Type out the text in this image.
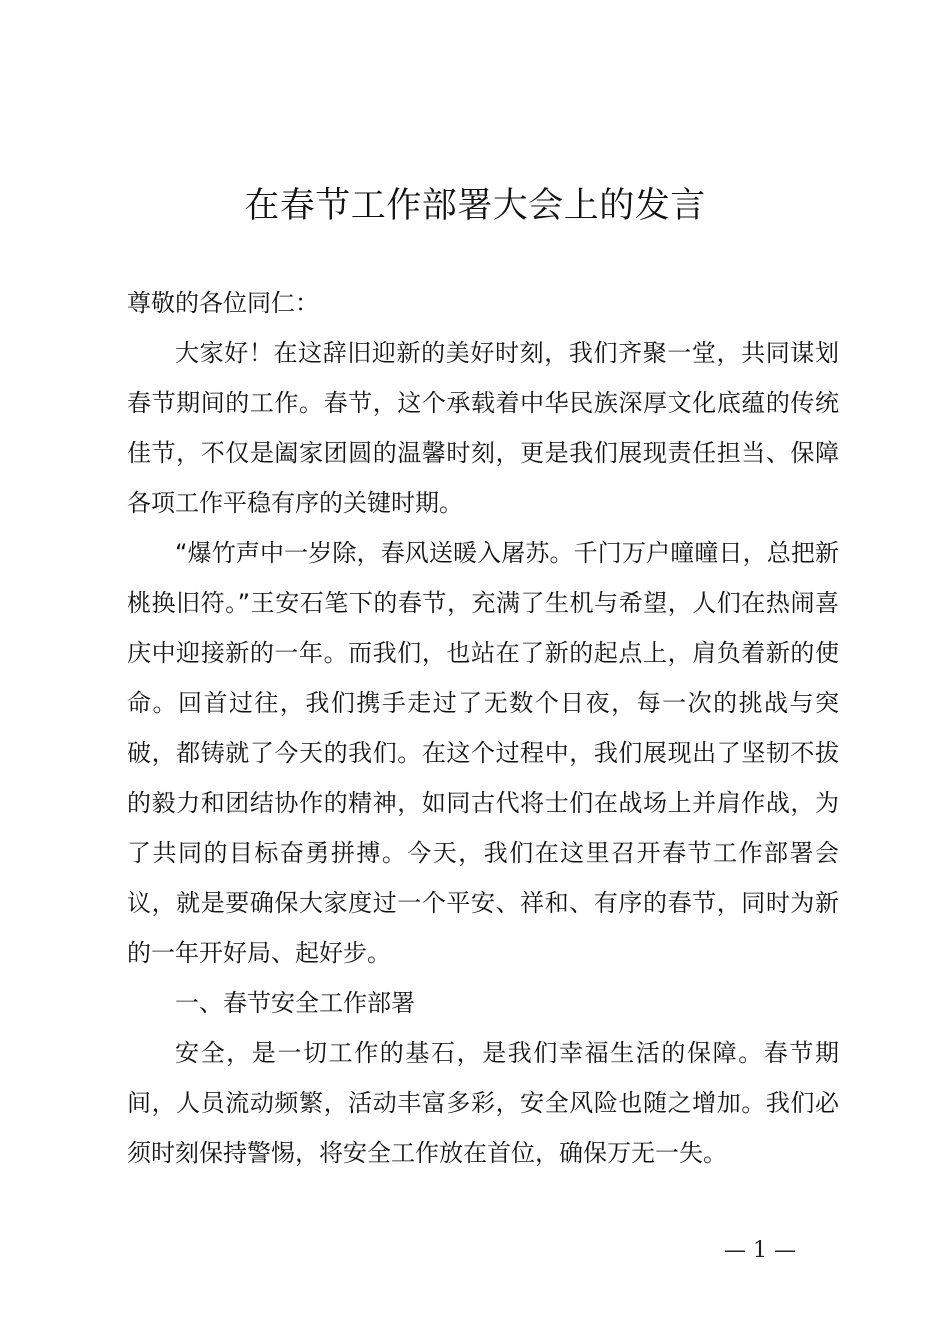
在春节工作部署大会上的发言

尊敬的各位同仁：

大家好！在这辞旧迎新的美好时刻，我们齐聚一堂，共同谋划春节期间的工作。春节，这个承载着中华民族深厚文化底蕴的传统佳节，不仅是阖家团圆的温馨时刻，更是我们展现责任担当、保障各项工作平稳有序的关键时期。

“爆竹声中一岁除，春风送暖入屠苏。千门万户曈曈日，总把新桃换旧符。”王安石笔下的春节，充满了生机与希望，人们在热闹喜庆中迎接新的一年。而我们，也站在了新的起点上，肩负着新的使命。回首过往，我们携手走过了无数个日夜，每一次的挑战与突破，都铸就了今天的我们。在这个过程中，我们展现出了坚韧不拔的毅力和团结协作的精神，如同古代将士们在战场上并肩作战，为了共同的目标奋勇拼搏。今天，我们在这里召开春节工作部署会议，就是要确保大家度过一个平安、祥和、有序的春节，同时为新的一年开好局、起好步。

一、春节安全工作部署

安全，是一切工作的基石，是我们幸福生活的保障。春节期间，人员流动频繁，活动丰富多彩，安全风险也随之增加。我们必须时刻保持警惕，将安全工作放在首位，确保万无一失。

— 1 —
